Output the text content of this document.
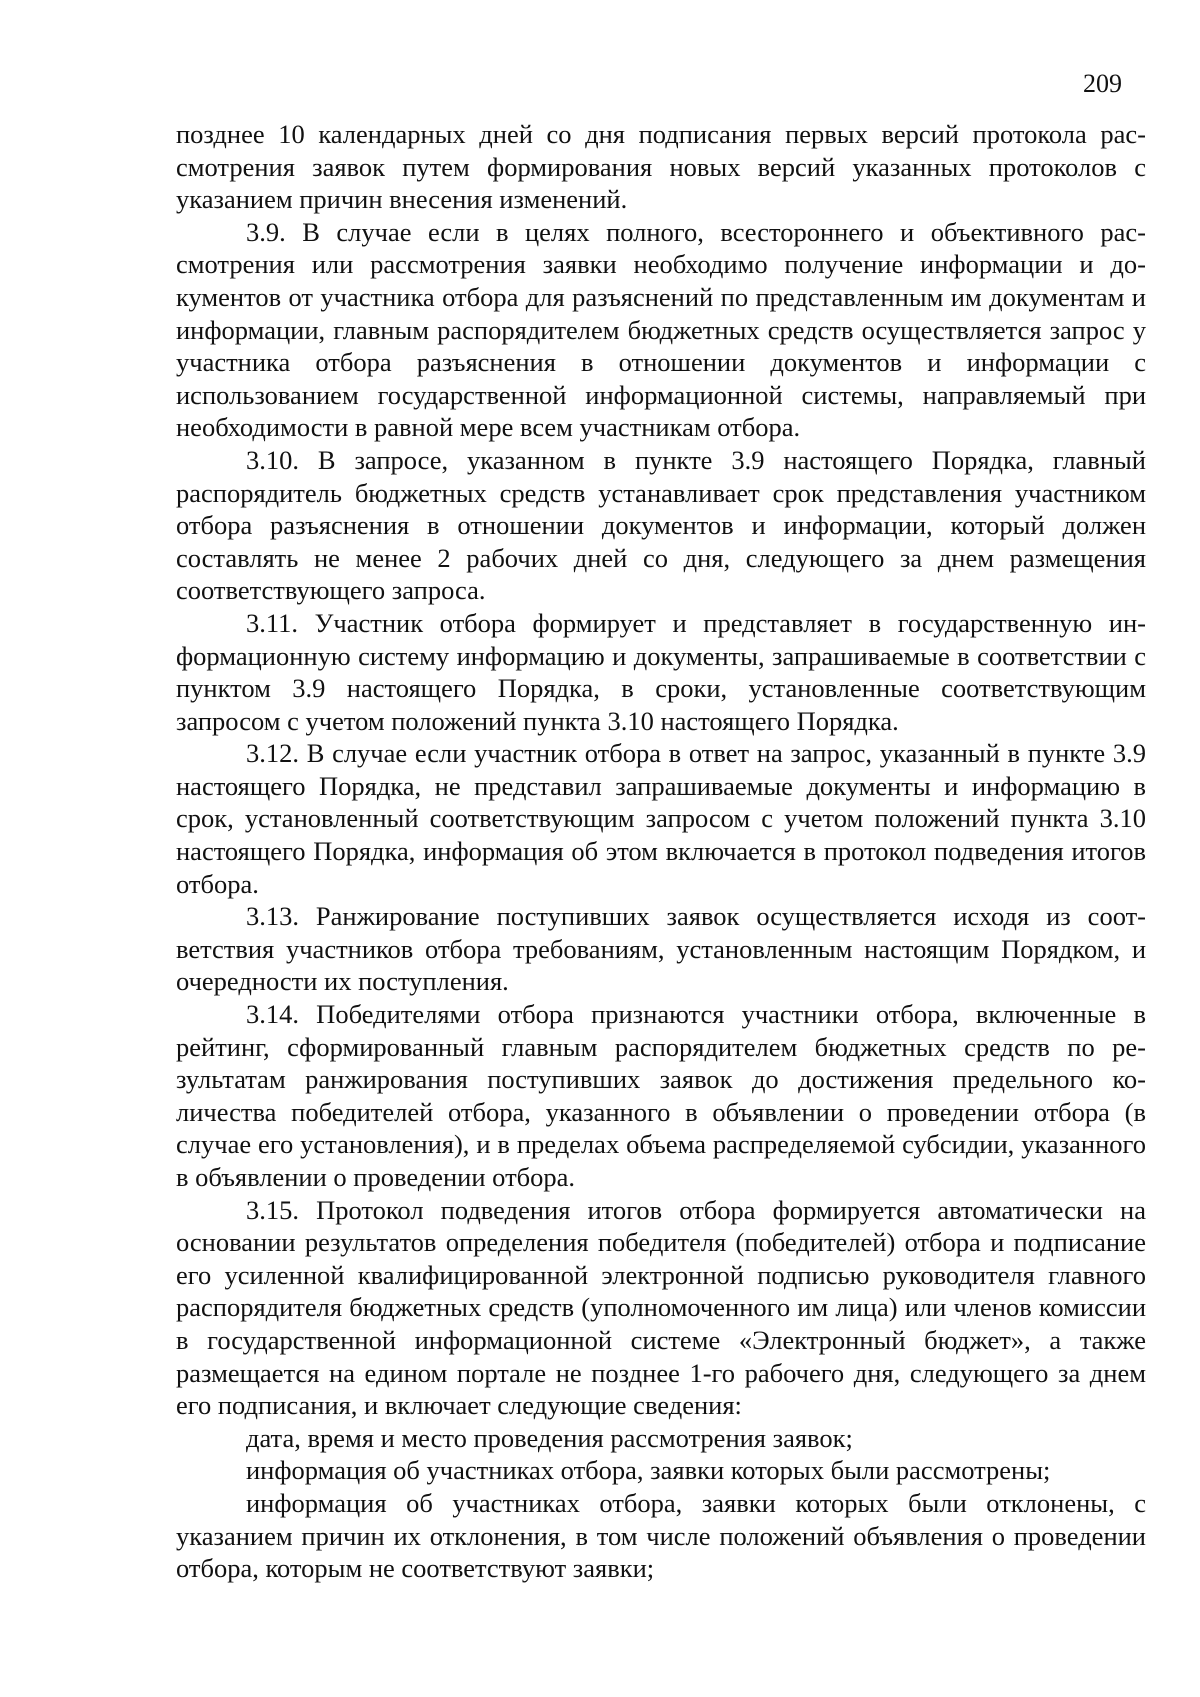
209

позднее 10 календарных дней со дня подписания первых версий протокола рассмотрения заявок путем формирования новых версий указанных протоколов с указанием причин внесения изменений.

3.9. В случае если в целях полного, всестороннего и объективного рассмотрения или рассмотрения заявки необходимо получение информации и документов от участника отбора для разъяснений по представленным им документам и информации, главным распорядителем бюджетных средств осуществляется запрос у участника отбора разъяснения в отношении документов и информации с использованием государственной информационной системы, направляемый при необходимости в равной мере всем участникам отбора.

3.10. В запросе, указанном в пункте 3.9 настоящего Порядка, главный распорядитель бюджетных средств устанавливает срок представления участником отбора разъяснения в отношении документов и информации, который должен составлять не менее 2 рабочих дней со дня, следующего за днем размещения соответствующего запроса.

3.11. Участник отбора формирует и представляет в государственную информационную систему информацию и документы, запрашиваемые в соответствии с пунктом 3.9 настоящего Порядка, в сроки, установленные соответствующим запросом с учетом положений пункта 3.10 настоящего Порядка.

3.12. В случае если участник отбора в ответ на запрос, указанный в пункте 3.9 настоящего Порядка, не представил запрашиваемые документы и информацию в срок, установленный соответствующим запросом с учетом положений пункта 3.10 настоящего Порядка, информация об этом включается в протокол подведения итогов отбора.

3.13. Ранжирование поступивших заявок осуществляется исходя из соответствия участников отбора требованиям, установленным настоящим Порядком, и очередности их поступления.

3.14. Победителями отбора признаются участники отбора, включенные в рейтинг, сформированный главным распорядителем бюджетных средств по результатам ранжирования поступивших заявок до достижения предельного количества победителей отбора, указанного в объявлении о проведении отбора (в случае его установления), и в пределах объема распределяемой субсидии, указанного в объявлении о проведении отбора.

3.15. Протокол подведения итогов отбора формируется автоматически на основании результатов определения победителя (победителей) отбора и подписание его усиленной квалифицированной электронной подписью руководителя главного распорядителя бюджетных средств (уполномоченного им лица) или членов комиссии в государственной информационной системе «Электронный бюджет», а также размещается на едином портале не позднее 1-го рабочего дня, следующего за днем его подписания, и включает следующие сведения:

дата, время и место проведения рассмотрения заявок;

информация об участниках отбора, заявки которых были рассмотрены;

информация об участниках отбора, заявки которых были отклонены, с указанием причин их отклонения, в том числе положений объявления о проведении отбора, которым не соответствуют заявки;
